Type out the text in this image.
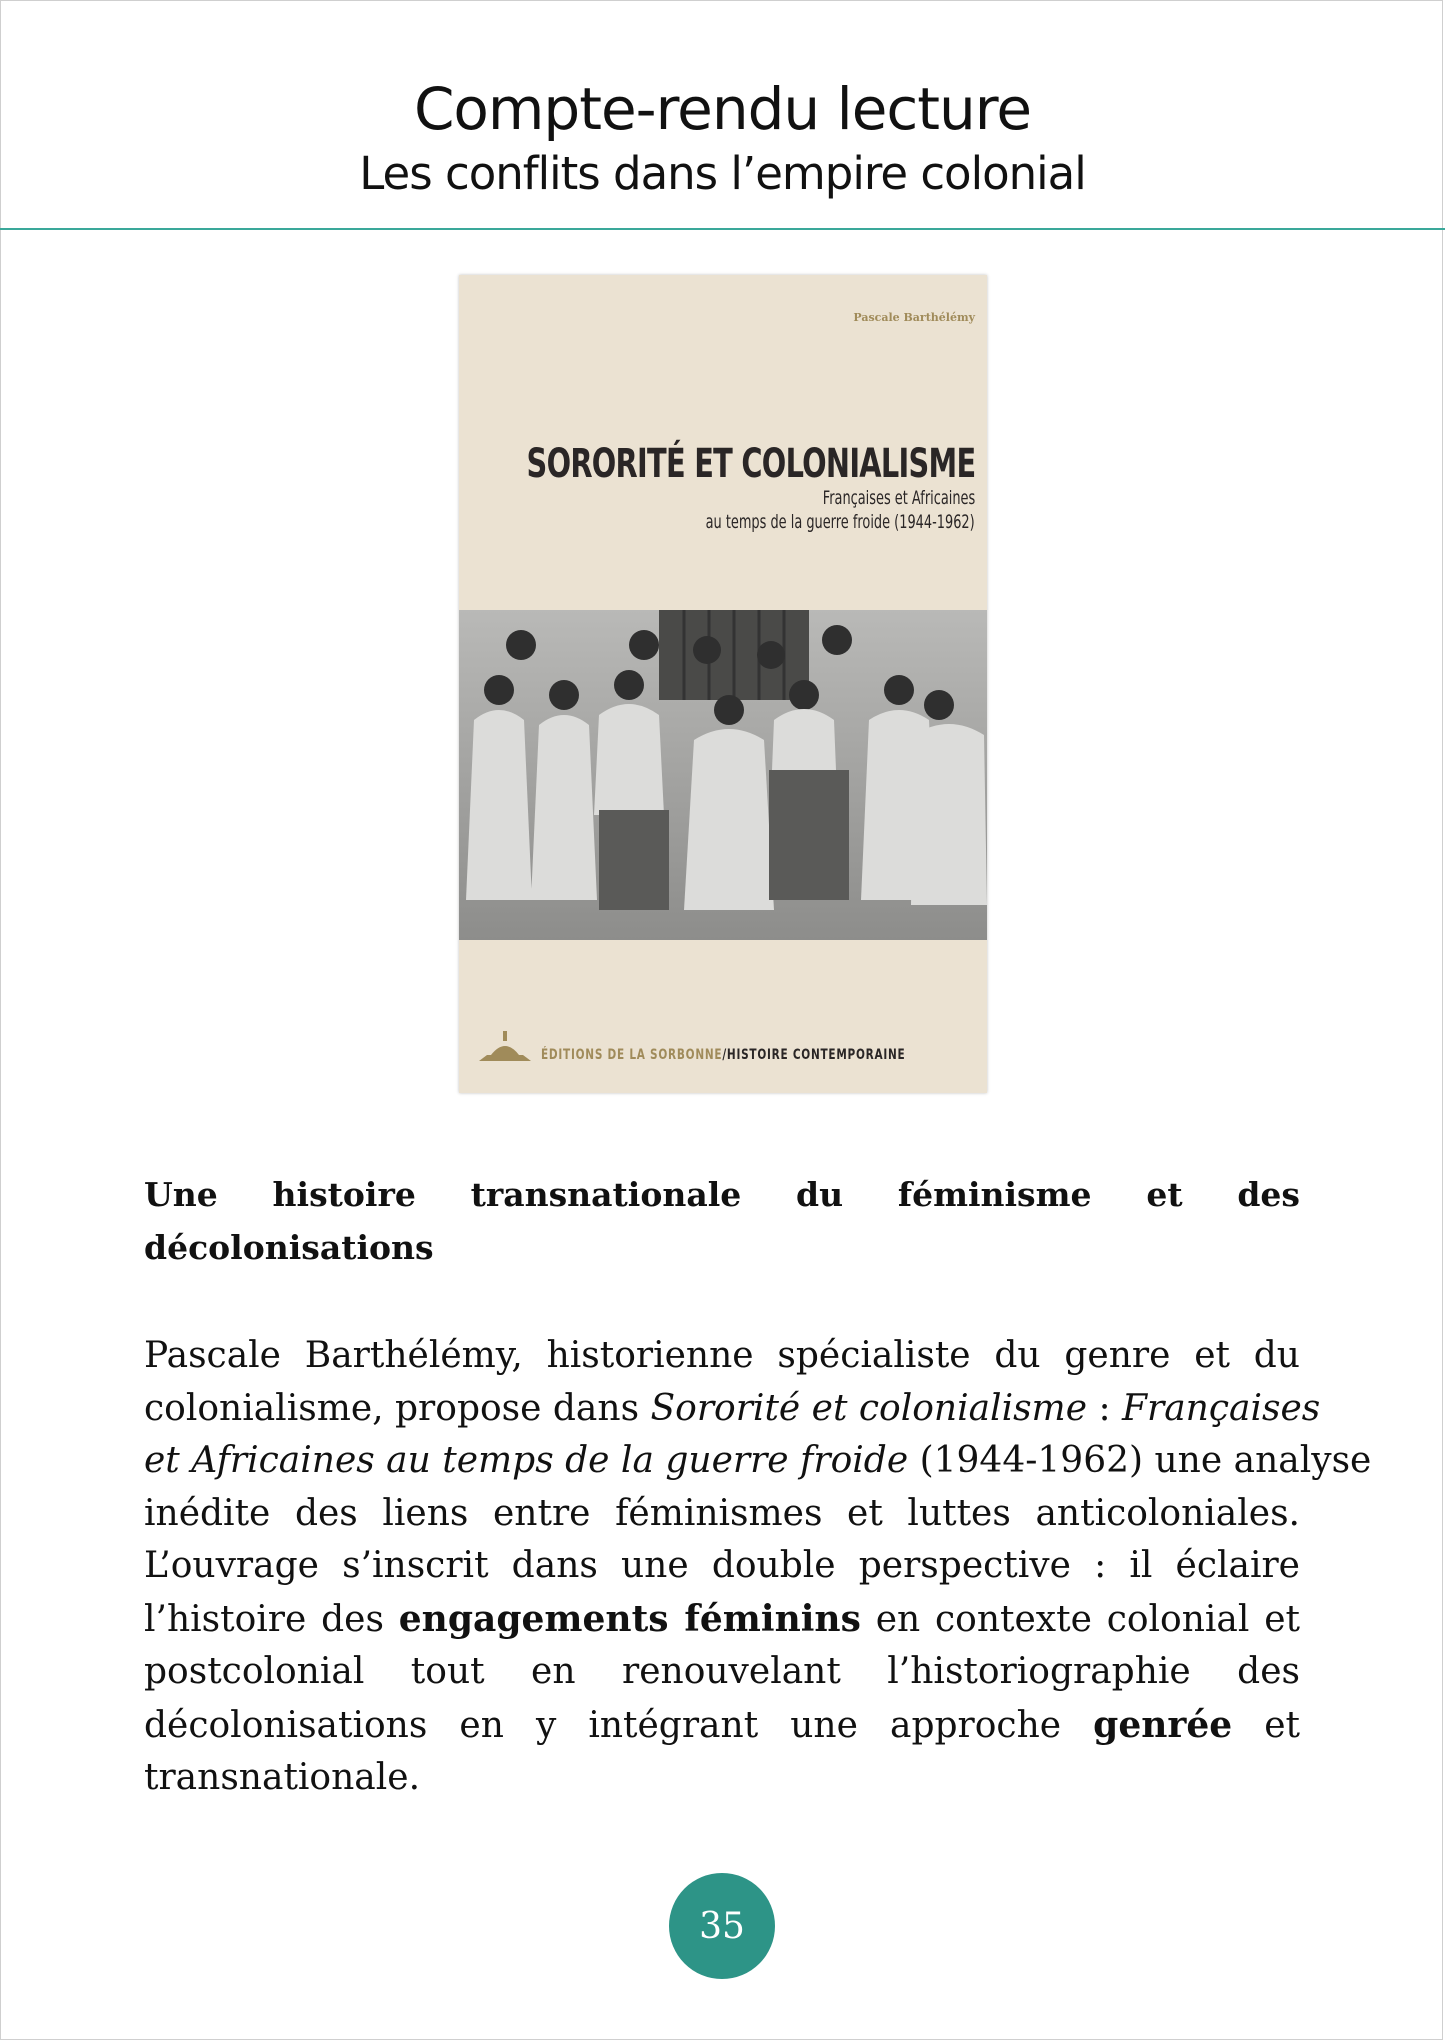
Compte-rendu lecture
Les conflits dans l’empire colonial
Pascale Barthélémy
SORORITÉ ET COLONIALISME
Françaises et Africaines
au temps de la guerre froide (1944-1962)
ÉDITIONS DE LA SORBONNE/HISTOIRE CONTEMPORAINE
Une histoire transnationale du féminisme et des
décolonisations
Pascale Barthélémy, historienne spécialiste du genre et du
colonialisme, propose dans Sororité et colonialisme : Françaises
et Africaines au temps de la guerre froide (1944-1962) une analyse
inédite des liens entre féminismes et luttes anticoloniales.
L’ouvrage s’inscrit dans une double perspective : il éclaire
l’histoire des engagements féminins en contexte colonial et
postcolonial tout en renouvelant l’historiographie des
décolonisations en y intégrant une approche genrée et
transnationale.
35
